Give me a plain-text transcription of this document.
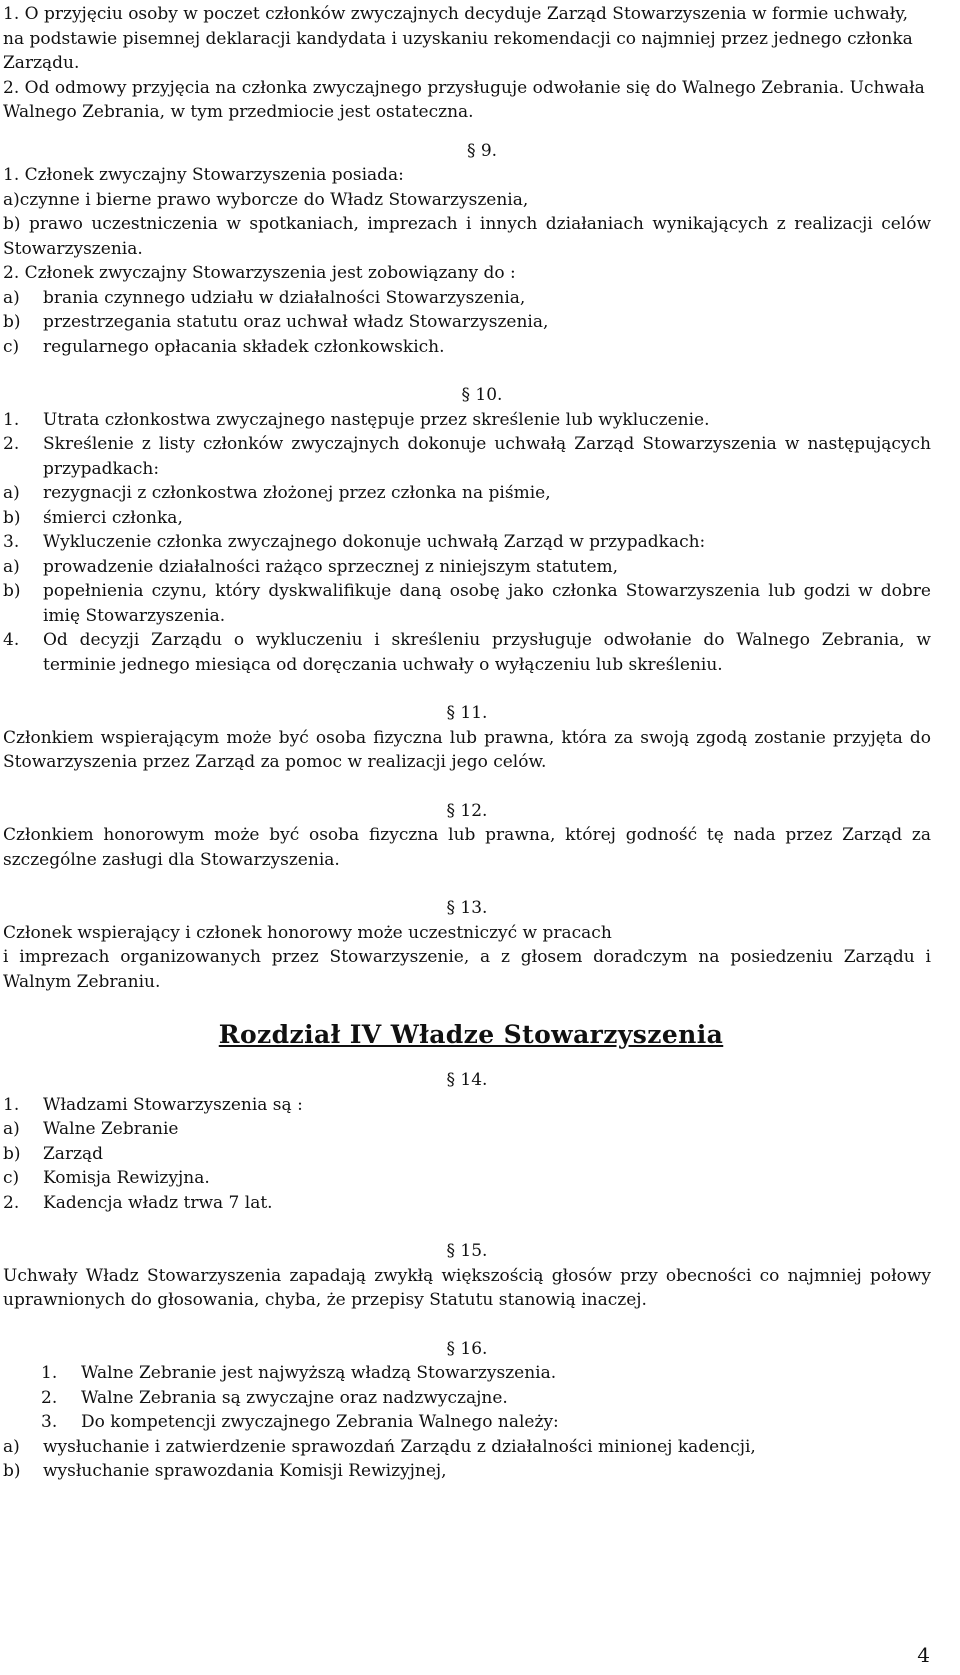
1. O przyjęciu osoby w poczet członków zwyczajnych decyduje Zarząd Stowarzyszenia w formie uchwały, na podstawie pisemnej deklaracji kandydata i uzyskaniu rekomendacji co najmniej przez jednego członka Zarządu.

2. Od odmowy przyjęcia na członka zwyczajnego przysługuje odwołanie się do Walnego Zebrania. Uchwała Walnego Zebrania, w tym przedmiocie jest ostateczna.

§ 9.

1. Członek zwyczajny Stowarzyszenia posiada:

a)czynne i bierne prawo wyborcze do Władz Stowarzyszenia,

b) prawo uczestniczenia w spotkaniach, imprezach i innych działaniach wynikających z realizacji celów Stowarzyszenia.

2. Członek zwyczajny Stowarzyszenia jest zobowiązany do :

a)	brania czynnego udziału w działalności Stowarzyszenia,
b)	przestrzegania statutu oraz uchwał władz Stowarzyszenia,
c)	regularnego opłacania składek członkowskich.

§ 10.

1.	Utrata członkostwa zwyczajnego następuje przez skreślenie lub wykluczenie.
2.	Skreślenie z listy członków zwyczajnych dokonuje uchwałą Zarząd Stowarzyszenia w następujących przypadkach:
a)	rezygnacji z członkostwa złożonej przez członka na piśmie,
b)	śmierci członka,
3.	Wykluczenie członka zwyczajnego dokonuje uchwałą Zarząd w przypadkach:
a)	prowadzenie działalności rażąco sprzecznej z niniejszym statutem,
b)	popełnienia czynu, który dyskwalifikuje daną osobę jako członka Stowarzyszenia lub godzi w dobre imię Stowarzyszenia.
4.	Od decyzji Zarządu o wykluczeniu i skreśleniu przysługuje odwołanie do Walnego Zebrania, w terminie jednego miesiąca od doręczania uchwały o wyłączeniu lub skreśleniu.

§ 11.

Członkiem wspierającym może być osoba fizyczna lub prawna, która za swoją zgodą zostanie przyjęta do Stowarzyszenia przez Zarząd za pomoc w realizacji jego celów.

§ 12.

Członkiem honorowym może być osoba fizyczna lub prawna, której godność tę nada przez Zarząd za szczególne zasługi dla Stowarzyszenia.

§ 13.

Członek wspierający i członek honorowy może uczestniczyć w pracach

i imprezach organizowanych przez Stowarzyszenie, a z głosem doradczym na posiedzeniu Zarządu i Walnym Zebraniu.

Rozdział IV Władze Stowarzyszenia

§ 14.

1.	Władzami Stowarzyszenia są :
a)	Walne Zebranie
b)	Zarząd
c)	Komisja Rewizyjna.
2.	Kadencja władz trwa 7 lat.

§ 15.

Uchwały Władz Stowarzyszenia zapadają zwykłą większością głosów przy obecności co najmniej połowy uprawnionych do głosowania, chyba, że przepisy Statutu stanowią inaczej.

§ 16.

1.	Walne Zebranie jest najwyższą władzą Stowarzyszenia.
2.	Walne Zebrania są zwyczajne oraz nadzwyczajne.
3.	Do kompetencji zwyczajnego Zebrania Walnego należy:
a)	wysłuchanie i zatwierdzenie sprawozdań Zarządu z działalności minionej kadencji,
b)	wysłuchanie sprawozdania Komisji Rewizyjnej,
4
